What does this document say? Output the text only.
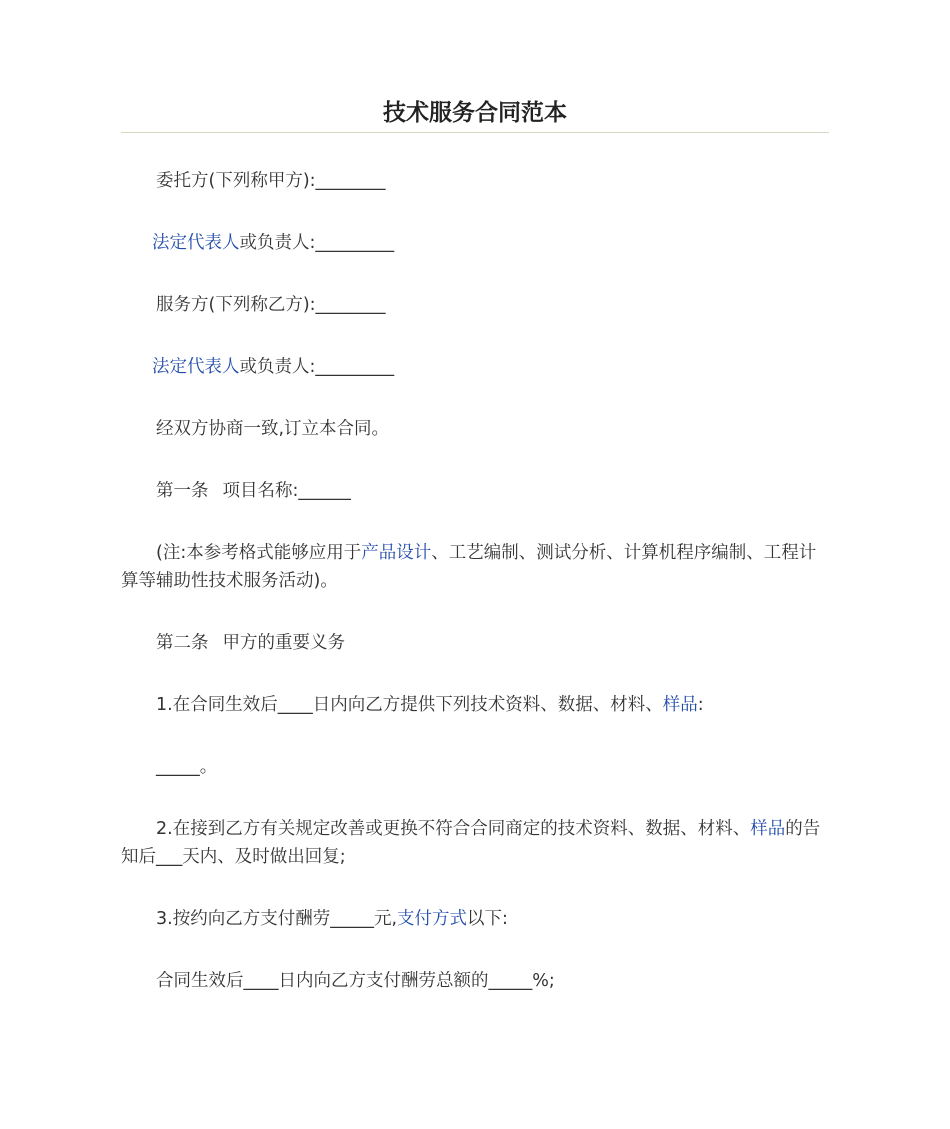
技术服务合同范本

委托方(下列称甲方):________

法定代表人或负责人:_________

服务方(下列称乙方):________

法定代表人或负责人:_________

经双方协商一致,订立本合同。

第一条 项目名称:______

(注:本参考格式能够应用于产品设计、工艺编制、测试分析、计算机程序编制、工程计算等辅助性技术服务活动)。

第二条 甲方的重要义务

1.在合同生效后____日内向乙方提供下列技术资料、数据、材料、样品:

_____。

2.在接到乙方有关规定改善或更换不符合合同商定的技术资料、数据、材料、样品的告知后___天内、及时做出回复;

3.按约向乙方支付酬劳_____元,支付方式以下:

合同生效后____日内向乙方支付酬劳总额的_____%;
